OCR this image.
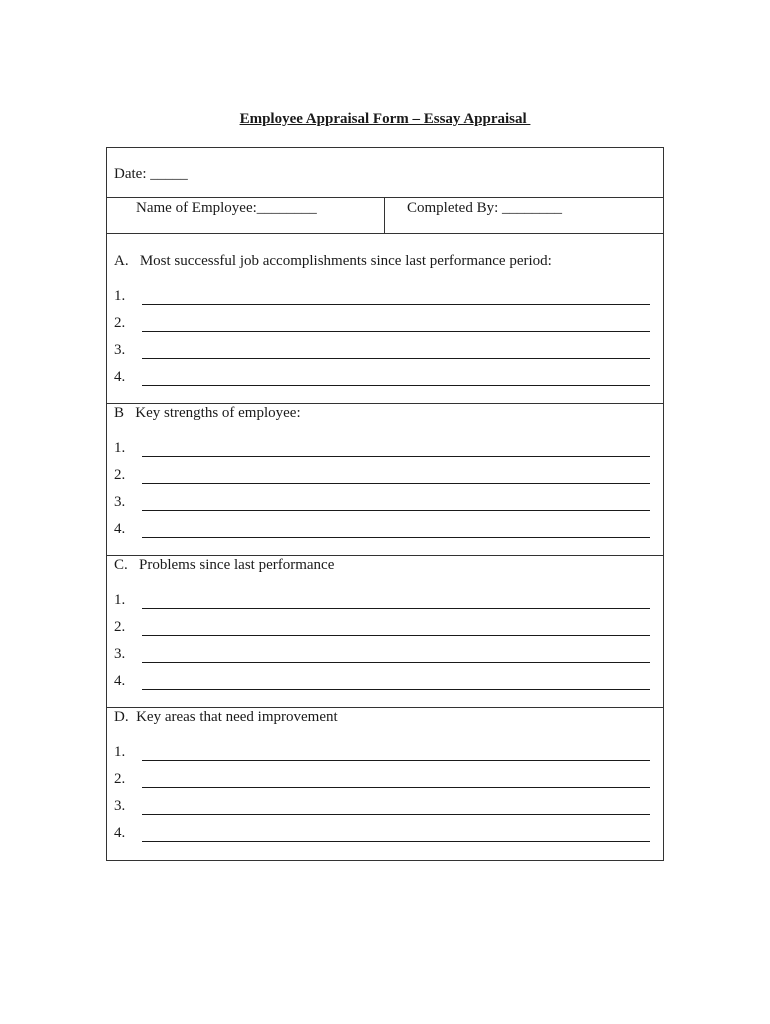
Employee Appraisal Form – Essay Appraisal
Date: _____
Name of Employee:________	Completed By: ________
A.   Most successful job accomplishments since last performance period:
1.
2.
3.
4.
B   Key strengths of employee:
1.
2.
3.
4.
C.   Problems since last performance
1.
2.
3.
4.
D.  Key areas that need improvement
1.
2.
3.
4.
